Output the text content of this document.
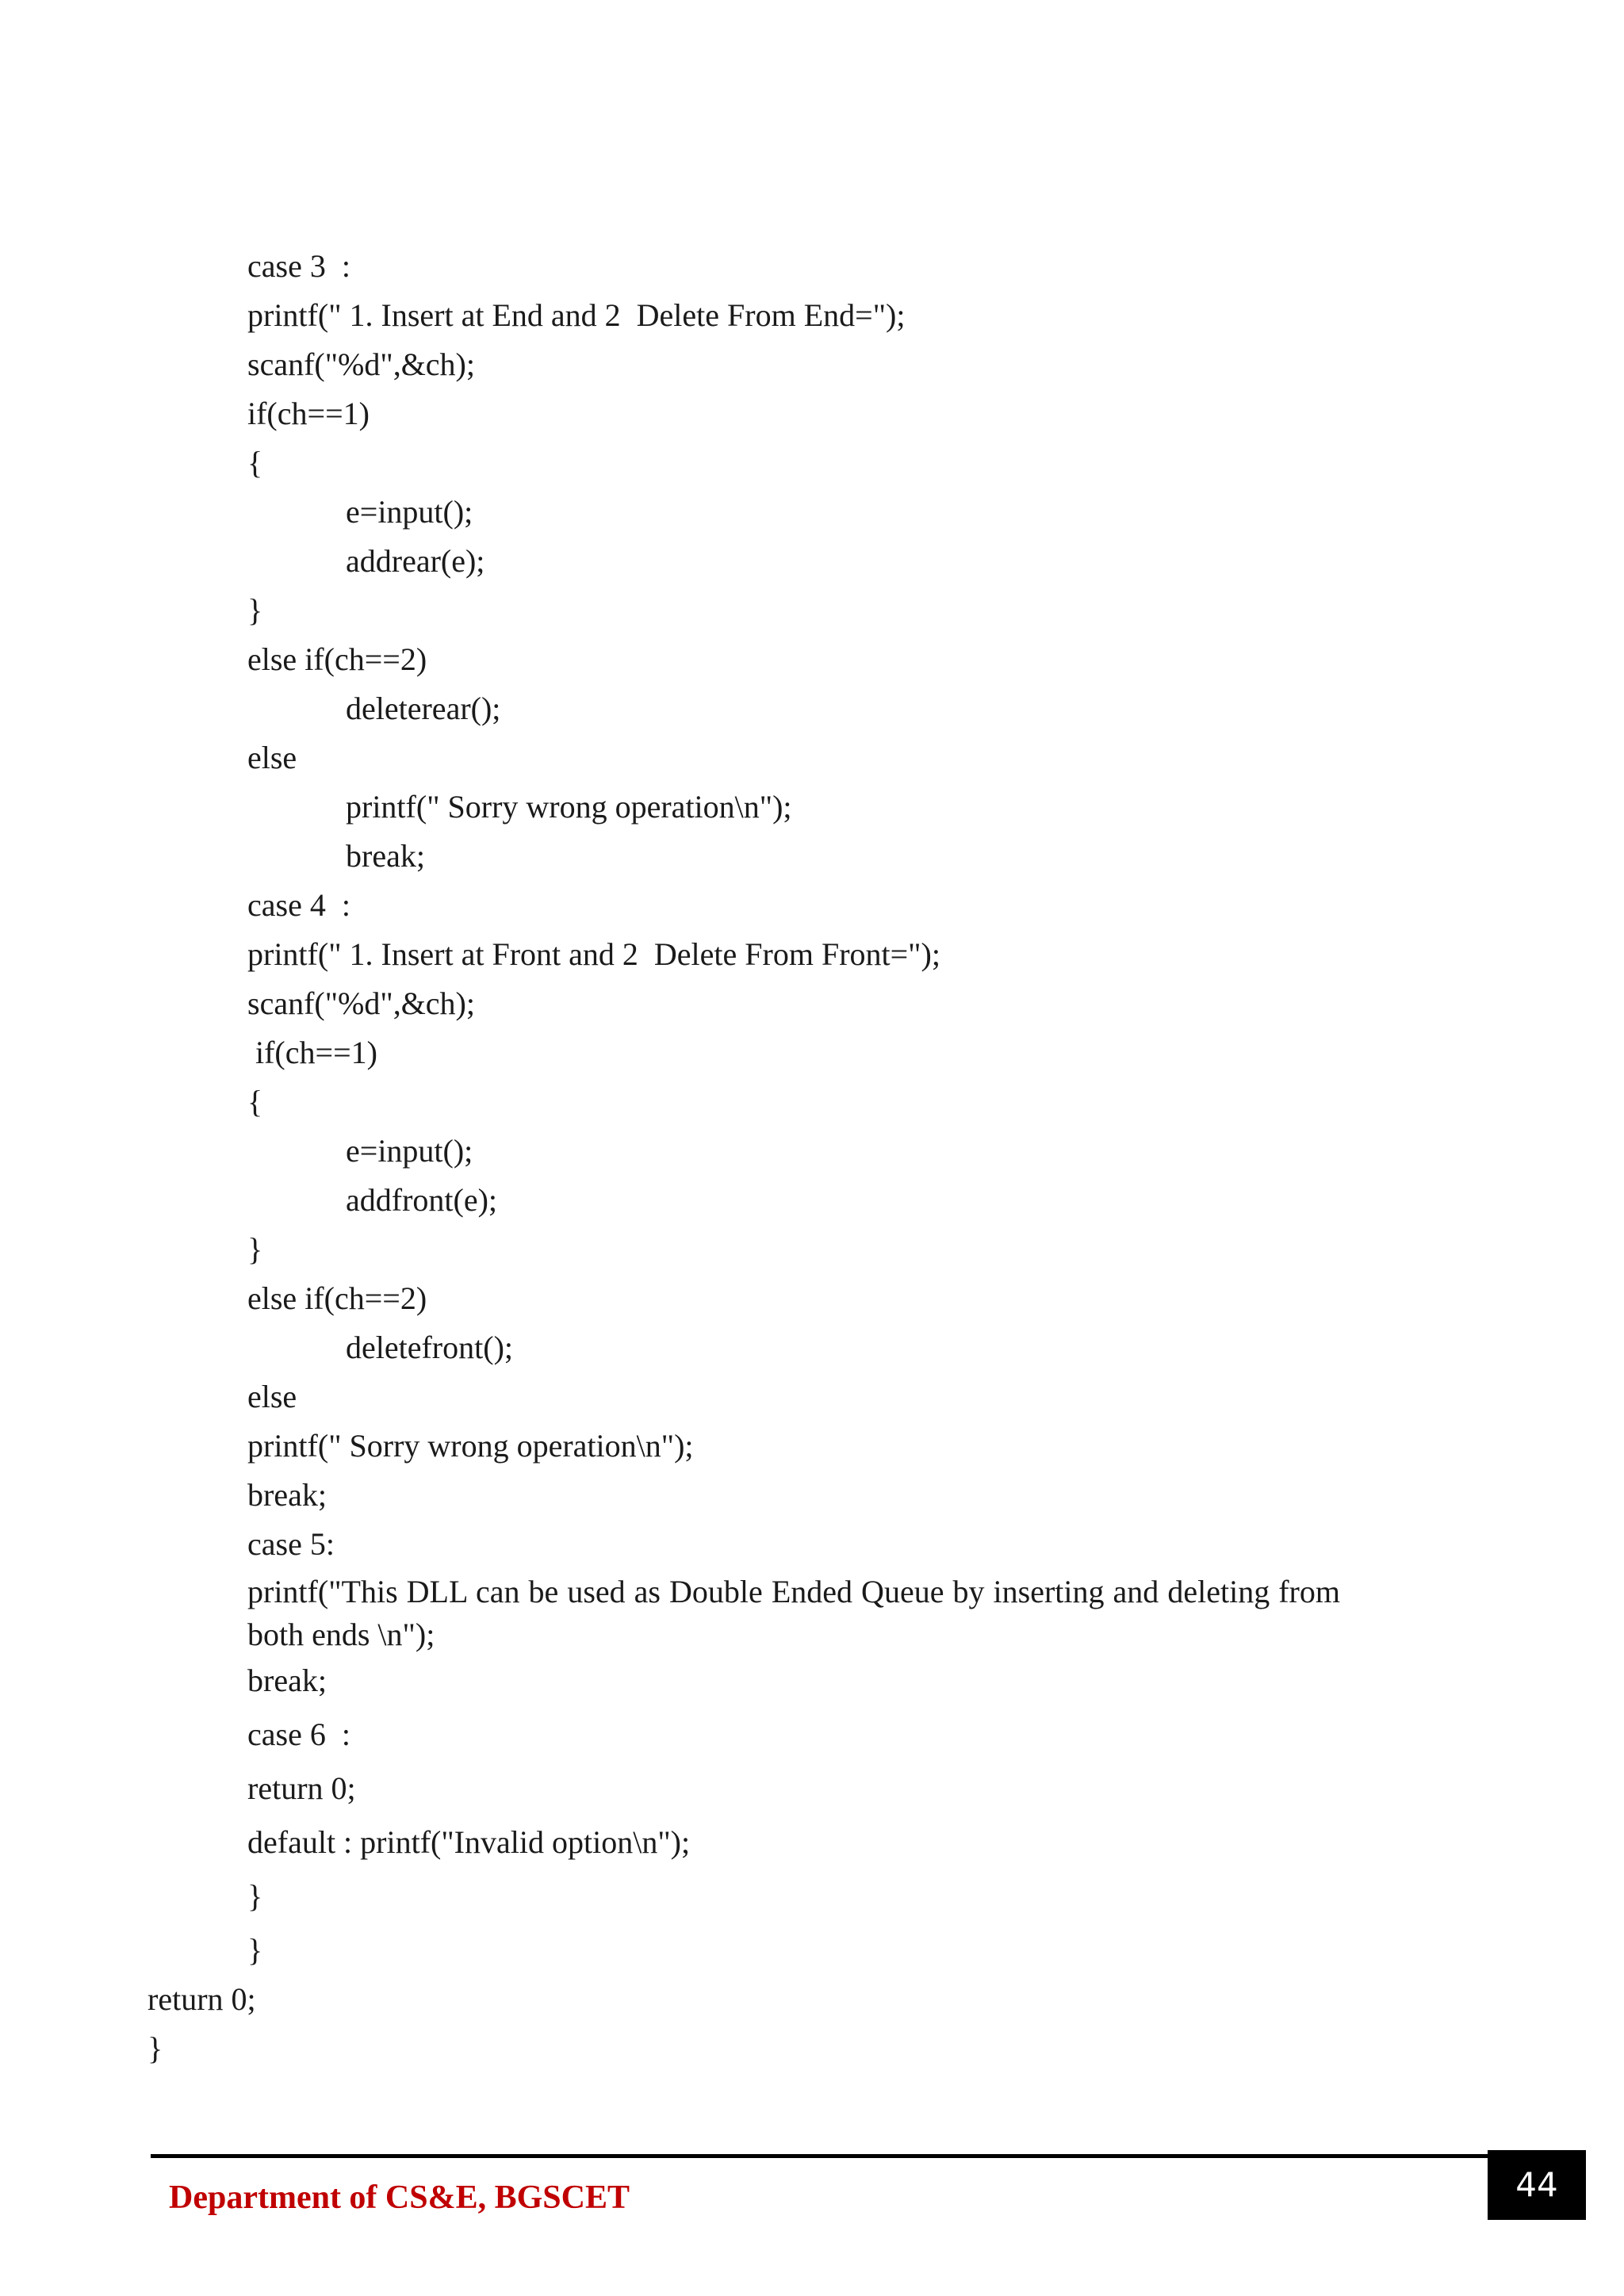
case 3  :
printf(" 1. Insert at End and 2  Delete From End=");
scanf("%d",&ch);
if(ch==1)
{
e=input();
addrear(e);
}
else if(ch==2)
deleterear();
else
printf(" Sorry wrong operation\n");
break;
case 4  :
printf(" 1. Insert at Front and 2  Delete From Front=");
scanf("%d",&ch);
if(ch==1)
{
e=input();
addfront(e);
}
else if(ch==2)
deletefront();
else
printf(" Sorry wrong operation\n");
break;
case 5:
printf("This DLL can be used as Double Ended Queue by inserting and deleting from both ends \n");
break;
case 6  :
return 0;
default : printf("Invalid option\n");
}
}
return 0;
}
Department of CS&E, BGSCET	44
